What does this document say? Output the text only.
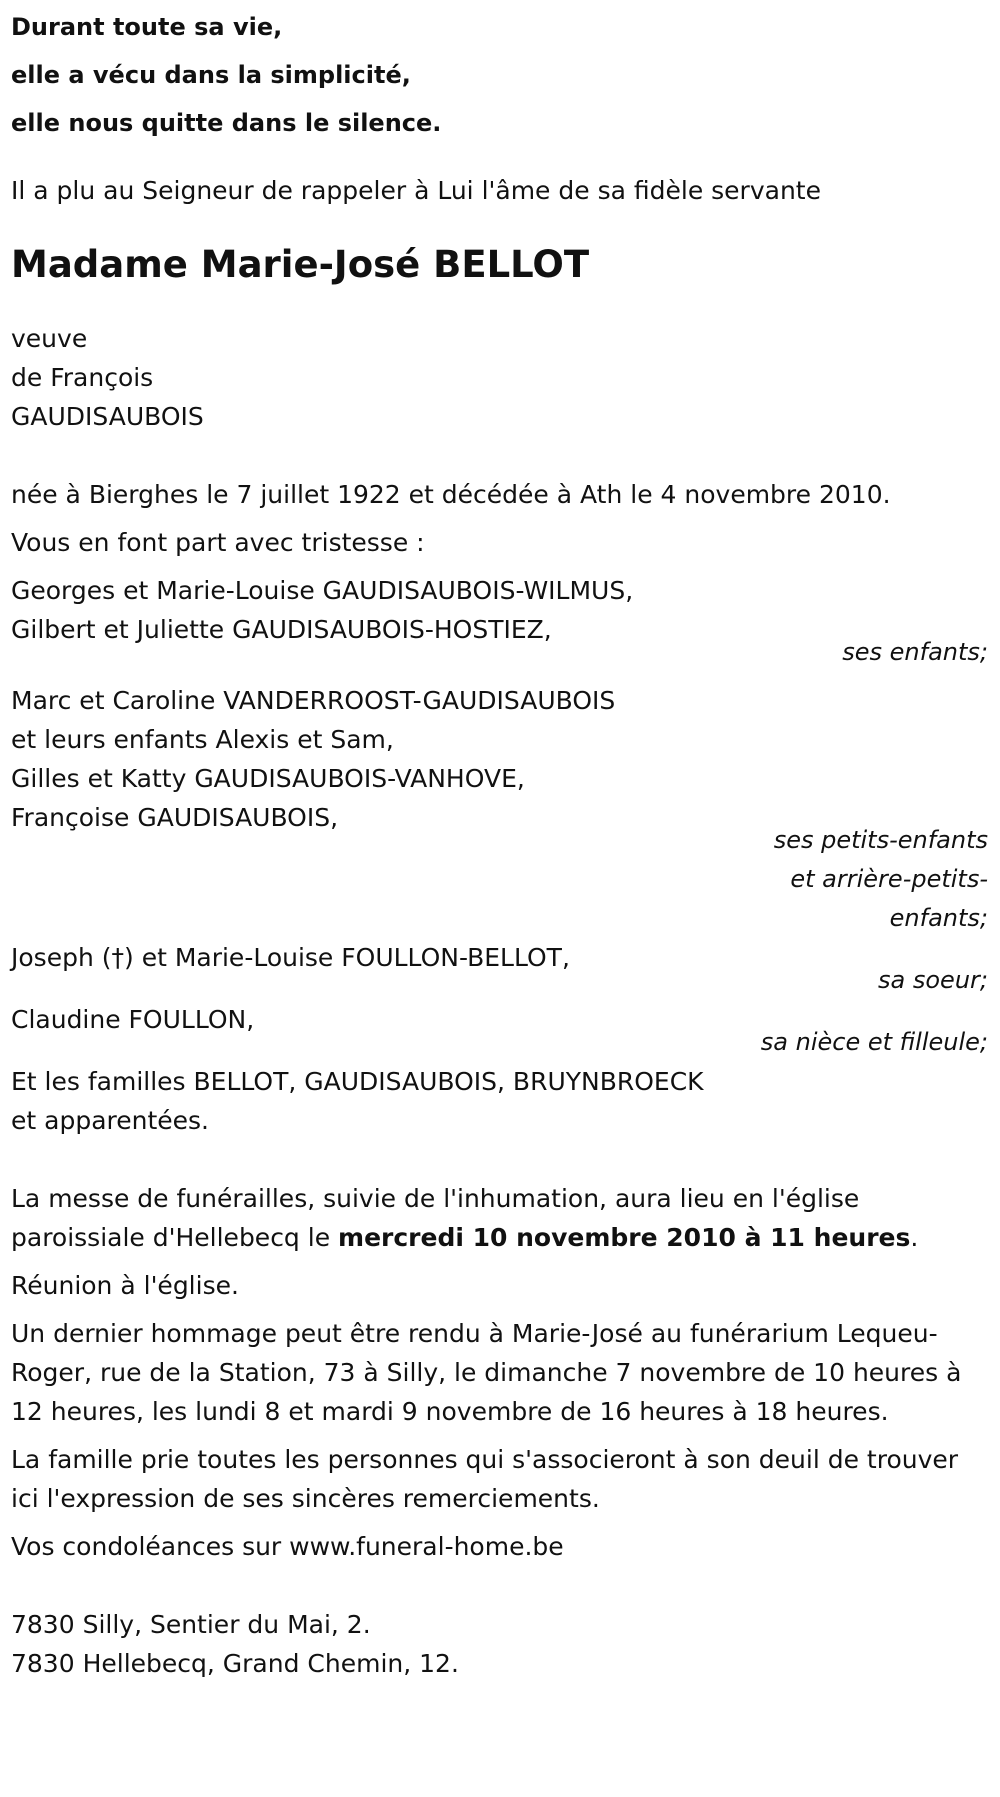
Durant toute sa vie,

elle a vécu dans la simplicité,

elle nous quitte dans le silence.

Il a plu au Seigneur de rappeler à Lui l'âme de sa fidèle servante

Madame Marie-José BELLOT

veuve

de François

GAUDISAUBOIS

née à Bierghes le 7 juillet 1922 et décédée à Ath le 4 novembre 2010.

Vous en font part avec tristesse :

Georges et Marie-Louise GAUDISAUBOIS-WILMUS,

Gilbert et Juliette GAUDISAUBOIS-HOSTIEZ,

ses enfants;

Marc et Caroline VANDERROOST-GAUDISAUBOIS

et leurs enfants Alexis et Sam,

Gilles et Katty GAUDISAUBOIS-VANHOVE,

Françoise GAUDISAUBOIS,

ses petits-enfants
et arrière-petits-
enfants;

Joseph (†) et Marie-Louise FOULLON-BELLOT,

sa soeur;

Claudine FOULLON,

sa nièce et filleule;

Et les familles BELLOT, GAUDISAUBOIS, BRUYNBROECK

et apparentées.

La messe de funérailles, suivie de l'inhumation, aura lieu en l'église paroissiale d'Hellebecq le mercredi 10 novembre 2010 à 11 heures.

Réunion à l'église.

Un dernier hommage peut être rendu à Marie-José au funérarium Lequeu-Roger, rue de la Station, 73 à Silly, le dimanche 7 novembre de 10 heures à 12 heures, les lundi 8 et mardi 9 novembre de 16 heures à 18 heures.

La famille prie toutes les personnes qui s'associeront à son deuil de trouver ici l'expression de ses sincères remerciements.

Vos condoléances sur www.funeral-home.be

7830 Silly, Sentier du Mai, 2.

7830 Hellebecq, Grand Chemin, 12.
